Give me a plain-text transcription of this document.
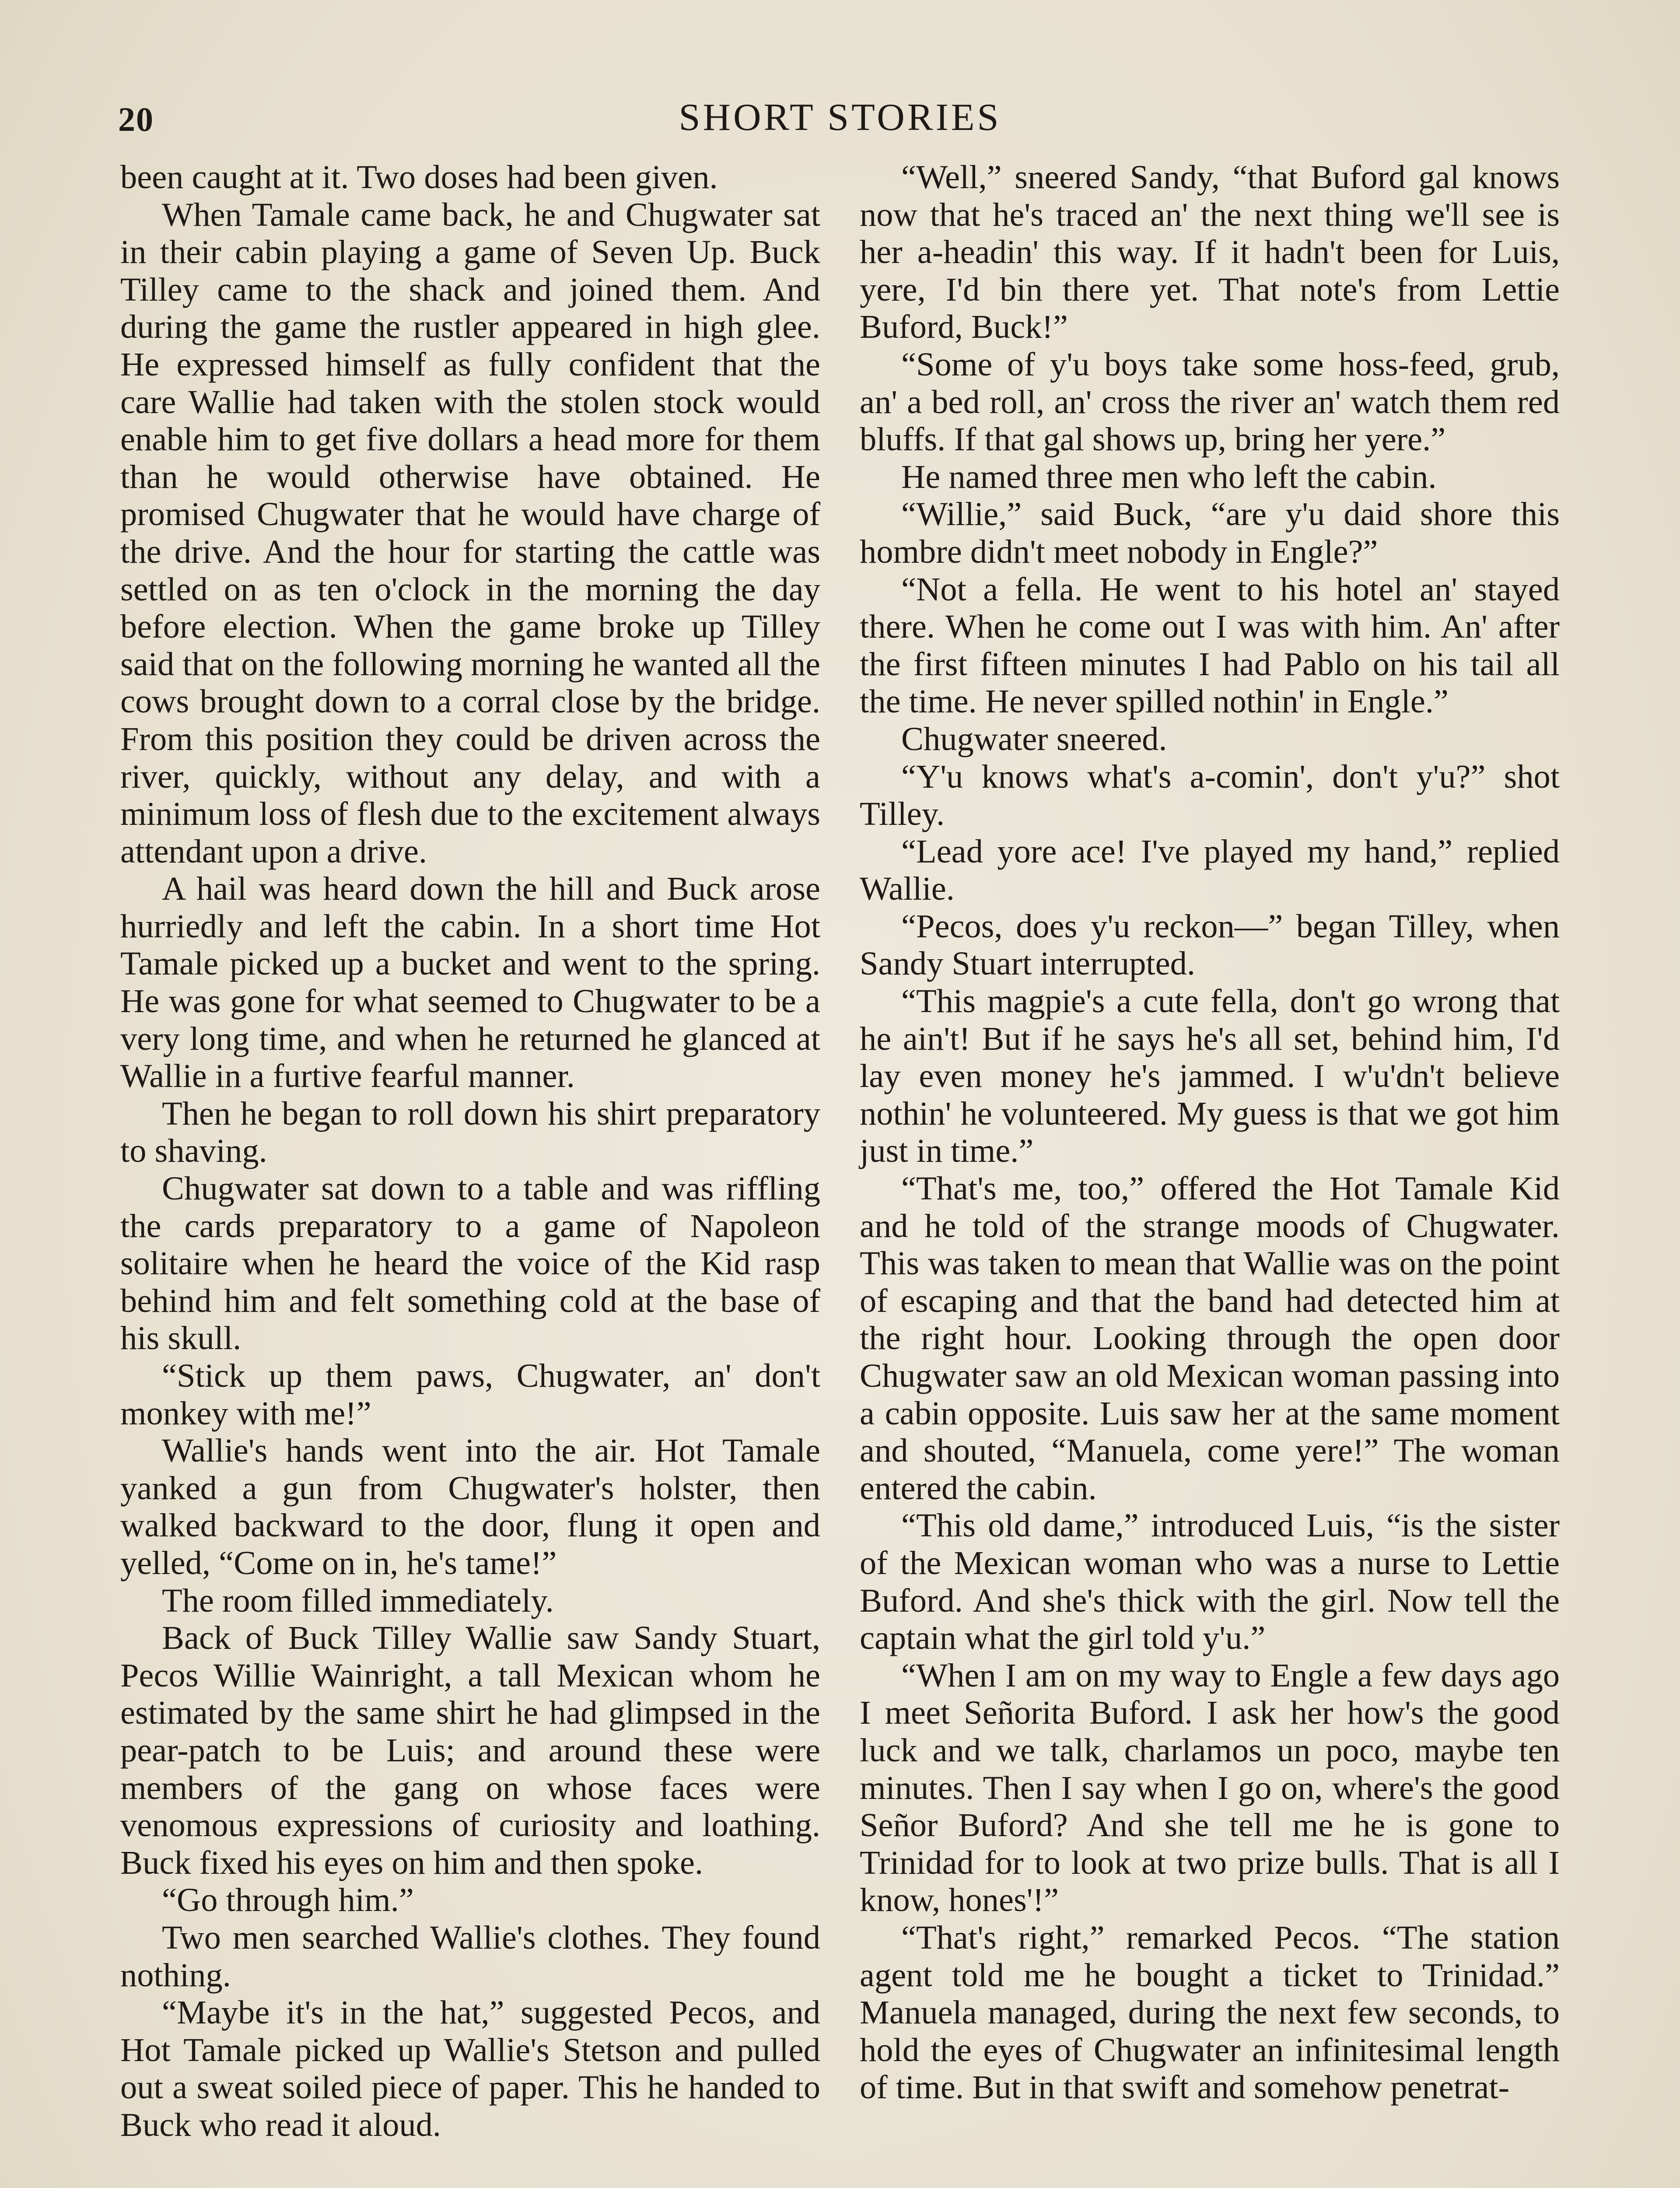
20	SHORT STORIES

been caught at it. Two doses had been given.

When Tamale came back, he and Chugwater sat in their cabin playing a game of Seven Up. Buck Tilley came to the shack and joined them. And during the game the rustler appeared in high glee. He expressed himself as fully confident that the care Wallie had taken with the stolen stock would enable him to get five dollars a head more for them than he would otherwise have obtained. He promised Chugwater that he would have charge of the drive. And the hour for starting the cattle was settled on as ten o'clock in the morning the day before election. When the game broke up Tilley said that on the following morning he wanted all the cows brought down to a corral close by the bridge. From this position they could be driven across the river, quickly, without any delay, and with a minimum loss of flesh due to the excitement always attendant upon a drive.

A hail was heard down the hill and Buck arose hurriedly and left the cabin. In a short time Hot Tamale picked up a bucket and went to the spring. He was gone for what seemed to Chugwater to be a very long time, and when he returned he glanced at Wallie in a furtive fearful manner.

Then he began to roll down his shirt preparatory to shaving.

Chugwater sat down to a table and was riffling the cards preparatory to a game of Napoleon solitaire when he heard the voice of the Kid rasp behind him and felt something cold at the base of his skull.

“Stick up them paws, Chugwater, an' don't monkey with me!”

Wallie's hands went into the air. Hot Tamale yanked a gun from Chugwater's holster, then walked backward to the door, flung it open and yelled, “Come on in, he's tame!”

The room filled immediately.

Back of Buck Tilley Wallie saw Sandy Stuart, Pecos Willie Wainright, a tall Mexican whom he estimated by the same shirt he had glimpsed in the pear-patch to be Luis; and around these were members of the gang on whose faces were venomous expressions of curiosity and loathing. Buck fixed his eyes on him and then spoke.

“Go through him.”

Two men searched Wallie's clothes. They found nothing.

“Maybe it's in the hat,” suggested Pecos, and Hot Tamale picked up Wallie's Stetson and pulled out a sweat soiled piece of paper. This he handed to Buck who read it aloud.

“Well,” sneered Sandy, “that Buford gal knows now that he's traced an' the next thing we'll see is her a-headin' this way. If it hadn't been for Luis, yere, I'd bin there yet. That note's from Lettie Buford, Buck!”

“Some of y'u boys take some hoss-feed, grub, an' a bed roll, an' cross the river an' watch them red bluffs. If that gal shows up, bring her yere.”

He named three men who left the cabin.

“Willie,” said Buck, “are y'u daid shore this hombre didn't meet nobody in Engle?”

“Not a fella. He went to his hotel an' stayed there. When he come out I was with him. An' after the first fifteen minutes I had Pablo on his tail all the time. He never spilled nothin' in Engle.”

Chugwater sneered.

“Y'u knows what's a-comin', don't y'u?” shot Tilley.

“Lead yore ace! I've played my hand,” replied Wallie.

“Pecos, does y'u reckon—” began Tilley, when Sandy Stuart interrupted.

“This magpie's a cute fella, don't go wrong that he ain't! But if he says he's all set, behind him, I'd lay even money he's jammed. I w'u'dn't believe nothin' he volunteered. My guess is that we got him just in time.”

“That's me, too,” offered the Hot Tamale Kid and he told of the strange moods of Chugwater. This was taken to mean that Wallie was on the point of escaping and that the band had detected him at the right hour. Looking through the open door Chugwater saw an old Mexican woman passing into a cabin opposite. Luis saw her at the same moment and shouted, “Manuela, come yere!” The woman entered the cabin.

“This old dame,” introduced Luis, “is the sister of the Mexican woman who was a nurse to Lettie Buford. And she's thick with the girl. Now tell the captain what the girl told y'u.”

“When I am on my way to Engle a few days ago I meet Señorita Buford. I ask her how's the good luck and we talk, charlamos un poco, maybe ten minutes. Then I say when I go on, where's the good Señor Buford? And she tell me he is gone to Trinidad for to look at two prize bulls. That is all I know, hones'!”

“That's right,” remarked Pecos. “The station agent told me he bought a ticket to Trinidad.” Manuela managed, during the next few seconds, to hold the eyes of Chugwater an infinitesimal length of time. But in that swift and somehow penetrat-
